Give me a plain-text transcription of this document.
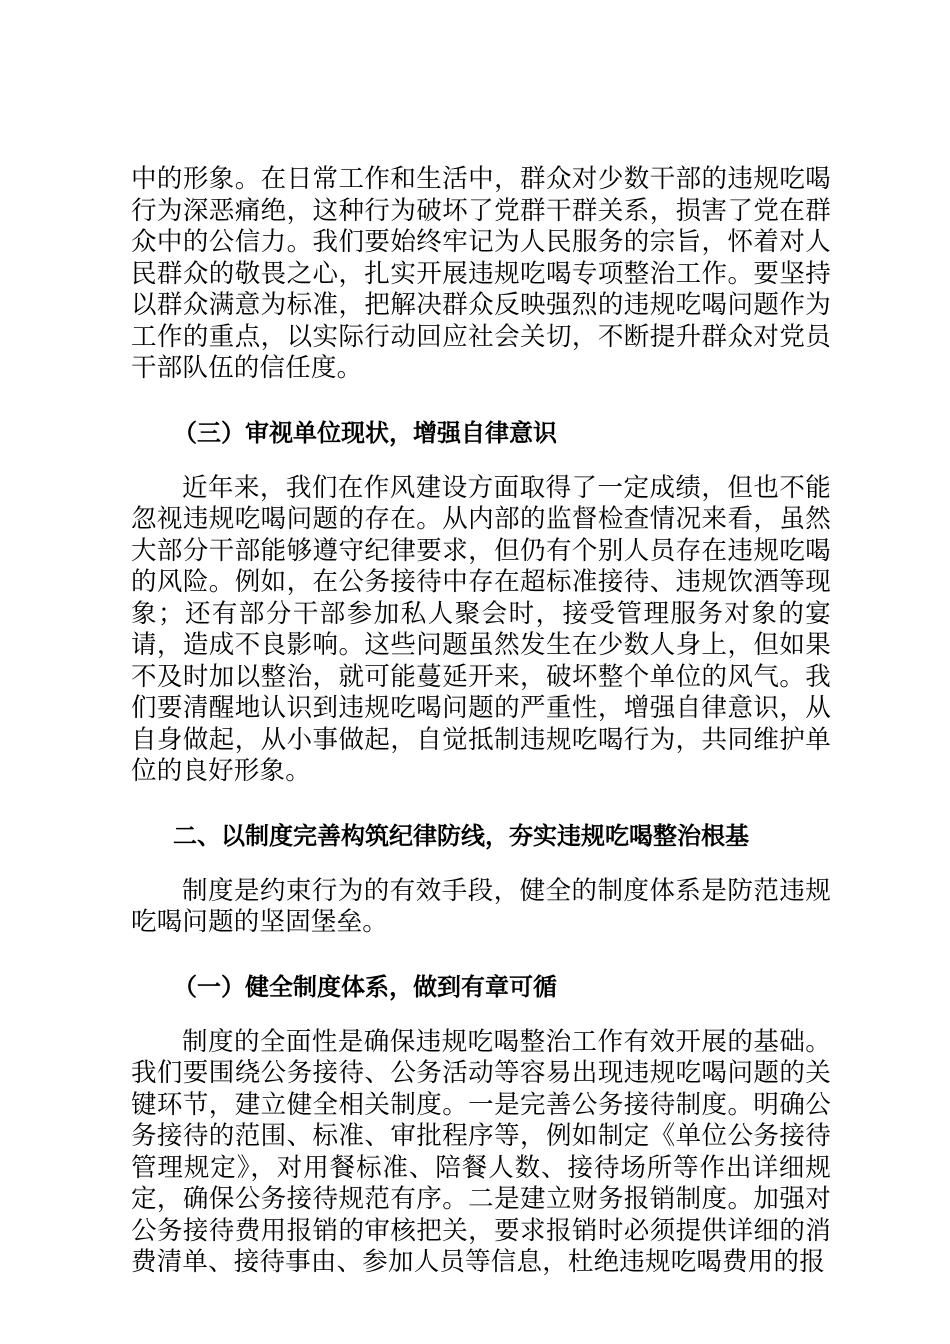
中的形象。在日常工作和生活中，群众对少数干部的违规吃喝行为深恶痛绝，这种行为破坏了党群干群关系，损害了党在群众中的公信力。我们要始终牢记为人民服务的宗旨，怀着对人民群众的敬畏之心，扎实开展违规吃喝专项整治工作。要坚持以群众满意为标准，把解决群众反映强烈的违规吃喝问题作为工作的重点，以实际行动回应社会关切，不断提升群众对党员干部队伍的信任度。

（三）审视单位现状，增强自律意识

近年来，我们在作风建设方面取得了一定成绩，但也不能忽视违规吃喝问题的存在。从内部的监督检查情况来看，虽然大部分干部能够遵守纪律要求，但仍有个别人员存在违规吃喝的风险。例如，在公务接待中存在超标准接待、违规饮酒等现象；还有部分干部参加私人聚会时，接受管理服务对象的宴请，造成不良影响。这些问题虽然发生在少数人身上，但如果不及时加以整治，就可能蔓延开来，破坏整个单位的风气。我们要清醒地认识到违规吃喝问题的严重性，增强自律意识，从自身做起，从小事做起，自觉抵制违规吃喝行为，共同维护单位的良好形象。

二、以制度完善构筑纪律防线，夯实违规吃喝整治根基

制度是约束行为的有效手段，健全的制度体系是防范违规吃喝问题的坚固堡垒。

（一）健全制度体系，做到有章可循

制度的全面性是确保违规吃喝整治工作有效开展的基础。我们要围绕公务接待、公务活动等容易出现违规吃喝问题的关键环节，建立健全相关制度。一是完善公务接待制度。明确公务接待的范围、标准、审批程序等，例如制定《单位公务接待管理规定》，对用餐标准、陪餐人数、接待场所等作出详细规定，确保公务接待规范有序。二是建立财务报销制度。加强对公务接待费用报销的审核把关，要求报销时必须提供详细的消费清单、接待事由、参加人员等信息，杜绝违规吃喝费用的报
